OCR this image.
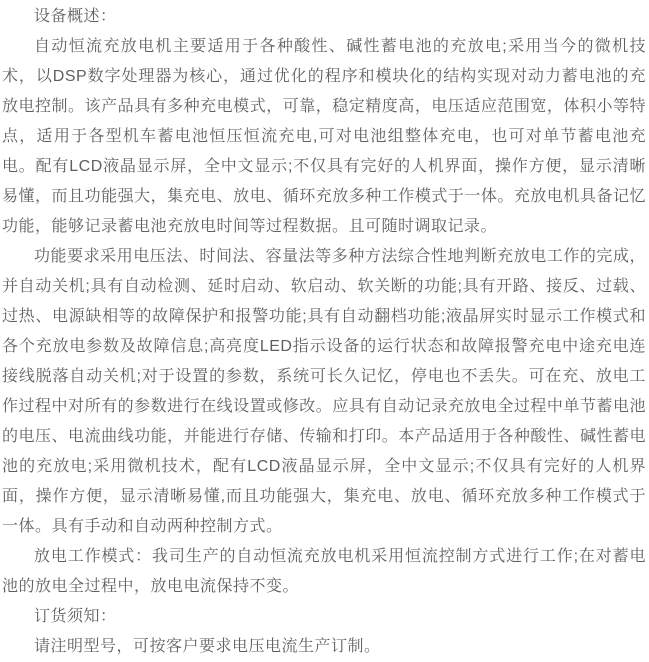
设备概述：

自动恒流充放电机主要适用于各种酸性、碱性蓄电池的充放电;采用当今的微机技术，以DSP数字处理器为核心，通过优化的程序和模块化的结构实现对动力蓄电池的充放电控制。该产品具有多种充电模式，可靠，稳定精度高，电压适应范围宽，体积小等特点，适用于各型机车蓄电池恒压恒流充电,可对电池组整体充电，也可对单节蓄电池充电。配有LCD液晶显示屏，全中文显示;不仅具有完好的人机界面，操作方便，显示清晰易懂，而且功能强大，集充电、放电、循环充放多种工作模式于一体。充放电机具备记忆功能，能够记录蓄电池充放电时间等过程数据。且可随时调取记录。

功能要求采用电压法、时间法、容量法等多种方法综合性地判断充放电工作的完成，并自动关机;具有自动检测、延时启动、软启动、软关断的功能;具有开路、接反、过载、过热、电源缺相等的故障保护和报警功能;具有自动翻档功能;液晶屏实时显示工作模式和各个充放电参数及故障信息;高亮度LED指示设备的运行状态和故障报警充电中途充电连接线脱落自动关机;对于设置的参数，系统可长久记忆，停电也不丢失。可在充、放电工作过程中对所有的参数进行在线设置或修改。应具有自动记录充放电全过程中单节蓄电池的电压、电流曲线功能，并能进行存储、传输和打印。本产品适用于各种酸性、碱性蓄电池的充放电;采用微机技术，配有LCD液晶显示屏，全中文显示;不仅具有完好的人机界面，操作方便，显示清晰易懂,而且功能强大，集充电、放电、循环充放多种工作模式于一体。具有手动和自动两种控制方式。

放电工作模式：我司生产的自动恒流充放电机采用恒流控制方式进行工作;在对蓄电池的放电全过程中，放电电流保持不变。

订货须知：

请注明型号，可按客户要求电压电流生产订制。
